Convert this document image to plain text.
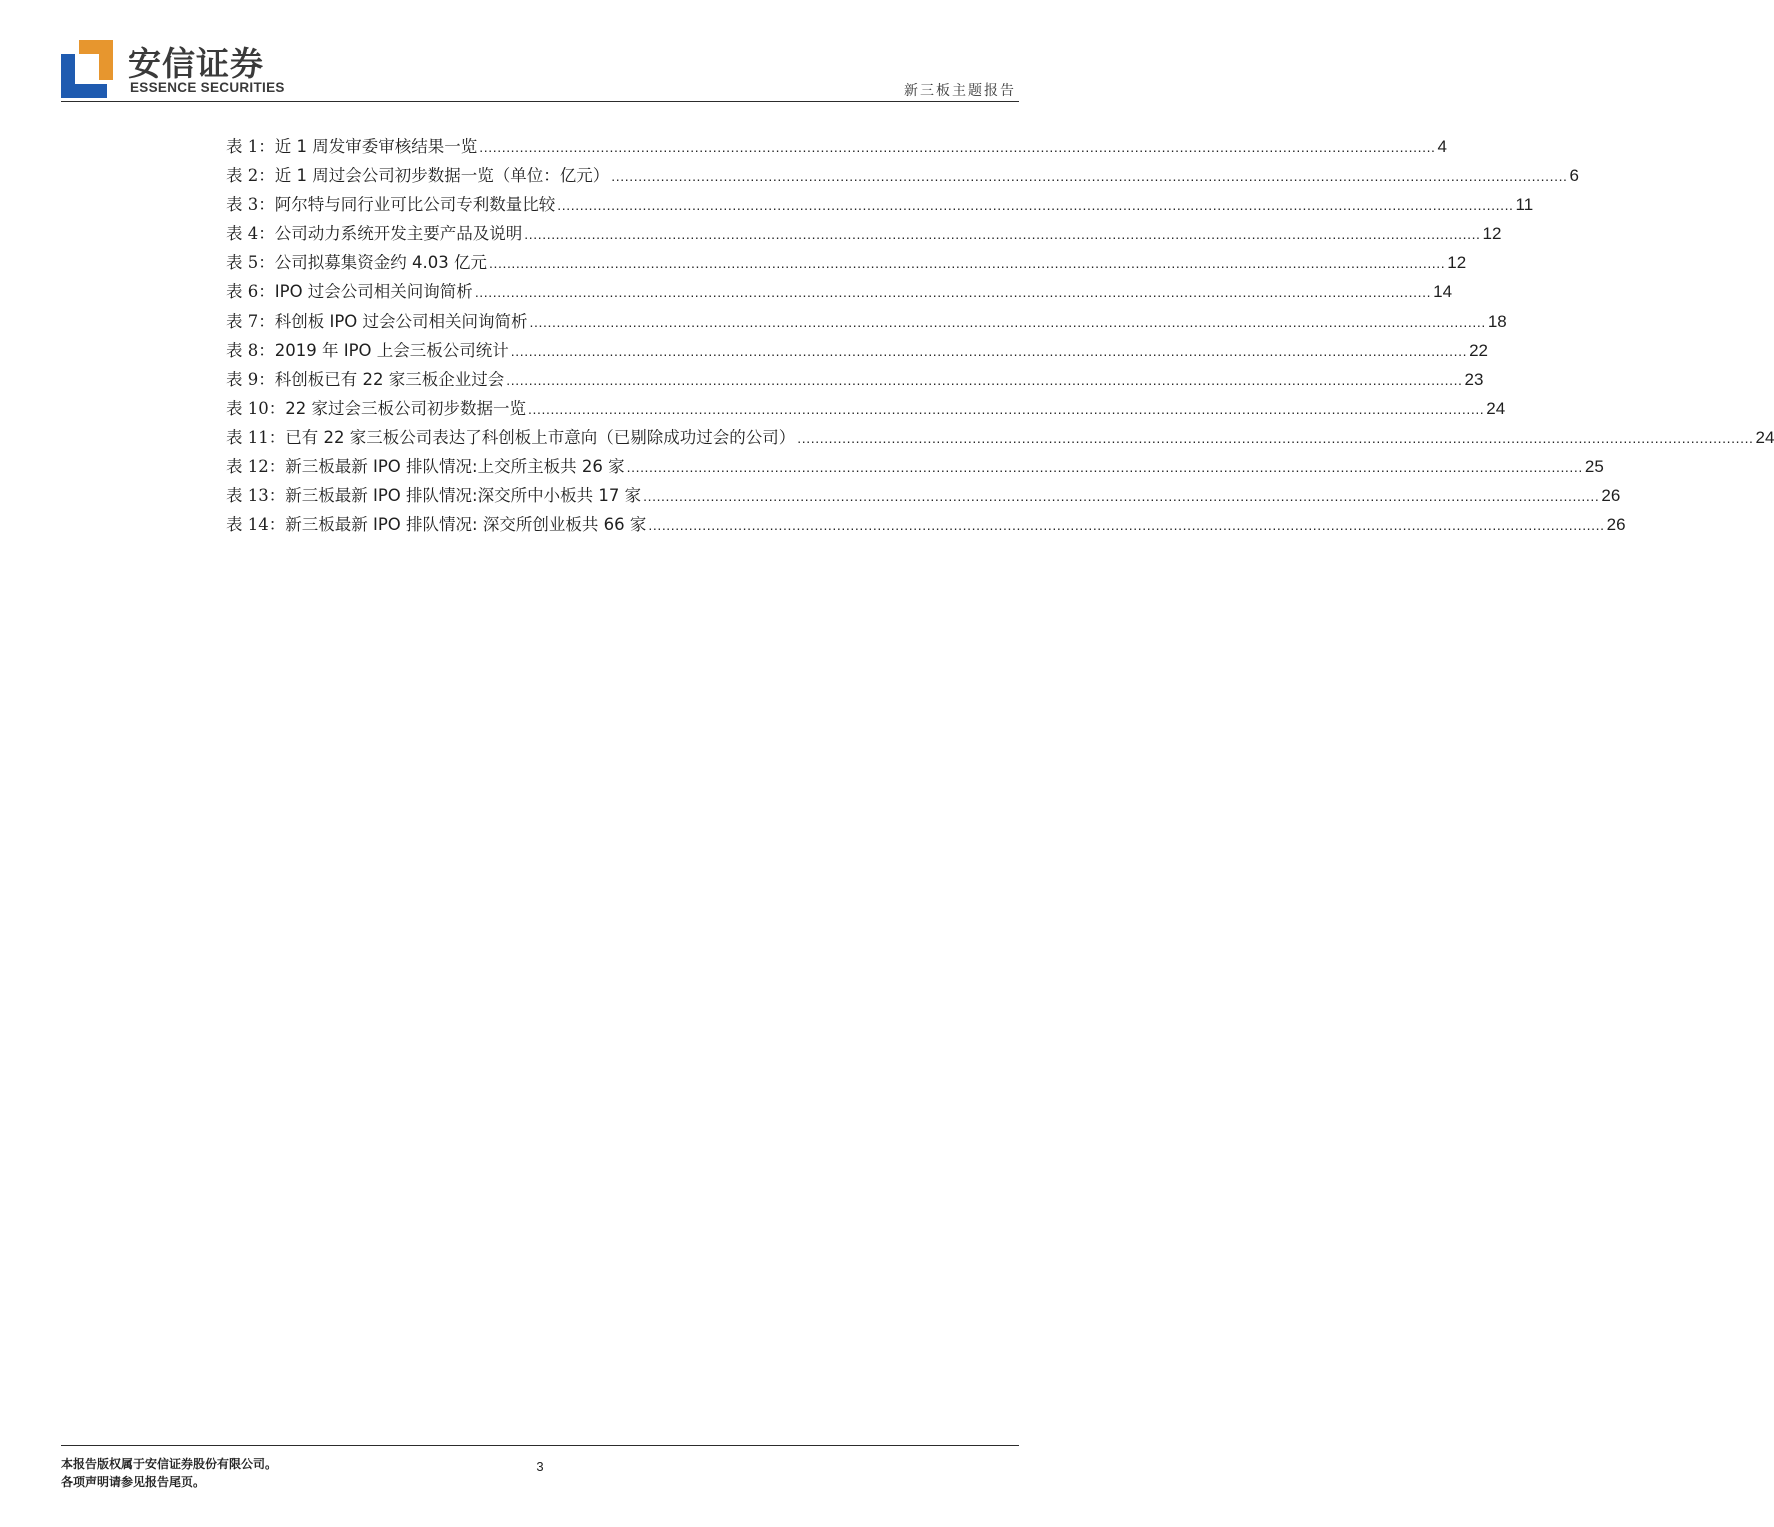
安信证券
ESSENCE SECURITIES	新三板主题报告
表 1 ： 近 1 周发审委审核结果一览 ..................................................................................................................................................................................................................... 4
表 2 ： 近 1 周过会公司初步数据一览（单位：亿元） ..................................................................................................................................................................................................................... 6
表 3 ： 阿尔特与同行业可比公司专利数量比较 ..................................................................................................................................................................................................................... 11
表 4 ： 公司动力系统开发主要产品及说明 ..................................................................................................................................................................................................................... 12
表 5 ： 公司拟募集资金约 4.03 亿元 ..................................................................................................................................................................................................................... 12
表 6 ： IPO 过会公司相关问询简析 ..................................................................................................................................................................................................................... 14
表 7 ： 科创板 IPO 过会公司相关问询简析 ..................................................................................................................................................................................................................... 18
表 8 ： 2019 年 IPO 上会三板公司统计 ..................................................................................................................................................................................................................... 22
表 9 ： 科创板已有 22 家三板企业过会 ..................................................................................................................................................................................................................... 23
表 10 ： 22 家过会三板公司初步数据一览 ..................................................................................................................................................................................................................... 24
表 11 ： 已有 22 家三板公司表达了科创板上市意向（已剔除成功过会的公司） ..................................................................................................................................................................................................................... 24
表 12 ： 新三板最新 IPO 排队情况:上交所主板共 26 家 ..................................................................................................................................................................................................................... 25
表 13 ： 新三板最新 IPO 排队情况:深交所中小板共 17 家 ..................................................................................................................................................................................................................... 26
表 14 ： 新三板最新 IPO 排队情况: 深交所创业板共 66 家 ..................................................................................................................................................................................................................... 26
本报告版权属于安信证券股份有限公司。
各项声明请参见报告尾页。
3
